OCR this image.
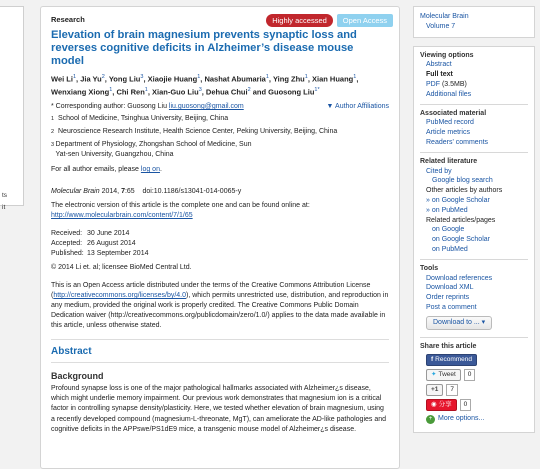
ts
it
Research	Highly accessed	Open Access
Elevation of brain magnesium prevents synaptic loss and reverses cognitive deficits in Alzheimer’s disease mouse model
Wei Li$^1$, Jia Yu$^2$, Yong Liu$^3$, Xiaojie Huang$^1$, Nashat Abumaria$^1$, Ying Zhu$^1$, Xian Huang$^1$, Wenxiang Xiong$^1$, Chi Ren$^1$, Xian-Guo Liu$^3$, Dehua Chui$^2$ and Guosong Liu$^{1*}$
* Corresponding author: Guosong Liu liu.guosong@gmail.com	▼ Author Affiliations
1 School of Medicine, Tsinghua University, Beijing, China
2 Neuroscience Research Institute, Health Science Center, Peking University, Beijing, China
3 Department of Physiology, Zhongshan School of Medicine, Sun Yat-sen University, Guangzhou, China
For all author emails, please log on.
Molecular Brain 2014, 7:65 doi:10.1186/s13041-014-0065-y
The electronic version of this article is the complete one and can be found online at:
http://www.molecularbrain.com/content/7/1/65
Received: 30 June 2014
Accepted: 26 August 2014
Published: 13 September 2014
© 2014 Li et. al; licensee BioMed Central Ltd.
This is an Open Access article distributed under the terms of the Creative Commons Attribution License (http://creativecommons.org/licenses/by/4.0), which permits unrestricted use, distribution, and reproduction in any medium, provided the original work is properly credited. The Creative Commons Public Domain Dedication waiver (http://creativecommons.org/publicdomain/zero/1.0/) applies to the data made available in this article, unless otherwise stated.
Abstract
Background
Profound synapse loss is one of the major pathological hallmarks associated with Alzheimer¿s disease, which might underlie memory impairment. Our previous work demonstrates that magnesium ion is a critical factor in controlling synapse density/plasticity. Here, we tested whether elevation of brain magnesium, using a recently developed compound (magnesium-L-threonate, MgT), can ameliorate the AD-like pathologies and cognitive deficits in the APPswe/PS1dE9 mice, a transgenic mouse model of Alzheimer¿s disease.
Molecular Brain
Volume 7
Viewing options
Abstract
Full text
PDF (3.5MB)
Additional files
Associated material
PubMed record
Article metrics
Readers' comments
Related literature
Cited by
Google blog search
Other articles by authors
» on Google Scholar
» on PubMed
Related articles/pages
on Google
on Google Scholar
on PubMed
Tools
Download references
Download XML
Order reprints
Post a comment
Download to ... ▾
Share this article
f Recommend
✦ Tweet	0
+1	7
◉ 分享	0
+ More options...
